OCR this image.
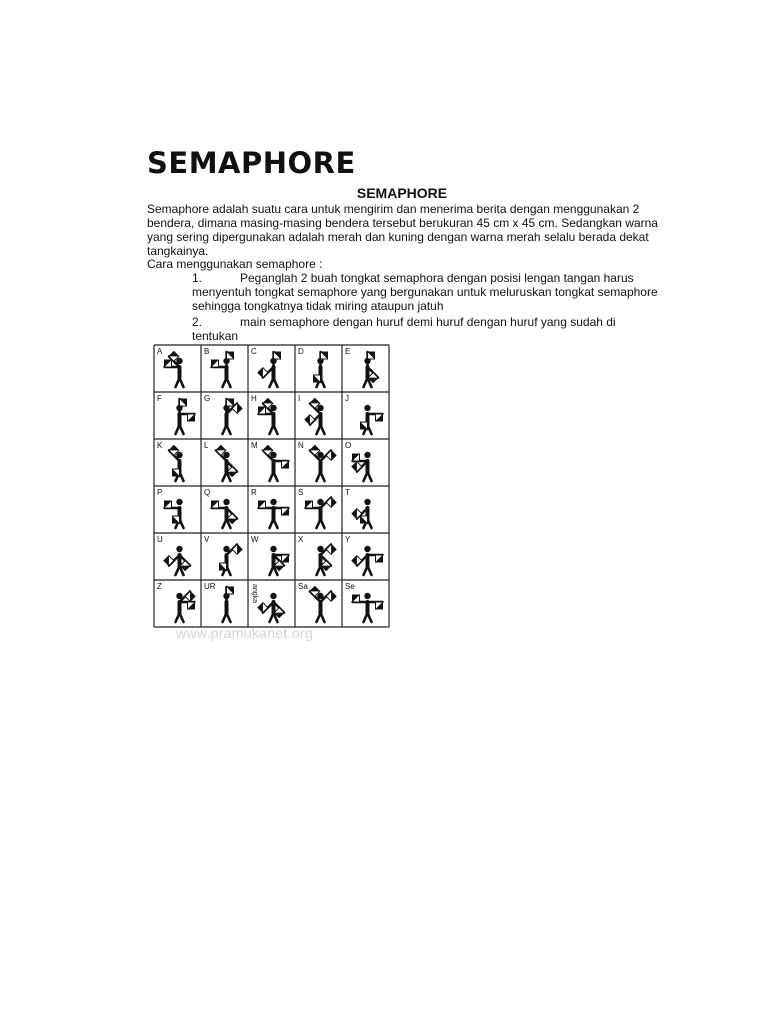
SEMAPHORE
SEMAPHORE

Semaphore adalah suatu cara untuk mengirim dan menerima berita dengan menggunakan 2 bendera, dimana masing-masing bendera tersebut berukuran 45 cm x 45 cm. Sedangkan warna yang sering dipergunakan adalah merah dan kuning dengan warna merah selalu berada dekat tangkainya.

Cara menggunakan semaphore :

1.	Peganglah 2 buah tongkat semaphora dengan posisi lengan tangan harus menyentuh tongkat semaphore yang bergunakan untuk meluruskan tongkat semaphore sehingga tongkatnya tidak miring ataupun jatuh

2.	main semaphore dengan huruf demi huruf dengan huruf yang sudah di tentukan

A	B	C	D	E
F	G	H	I	J
K	L	M	N	O
P	Q	R	S	T
U	V	W	X	Y
Z	UR	angka	Sa	Se

www.pramukanet.org
